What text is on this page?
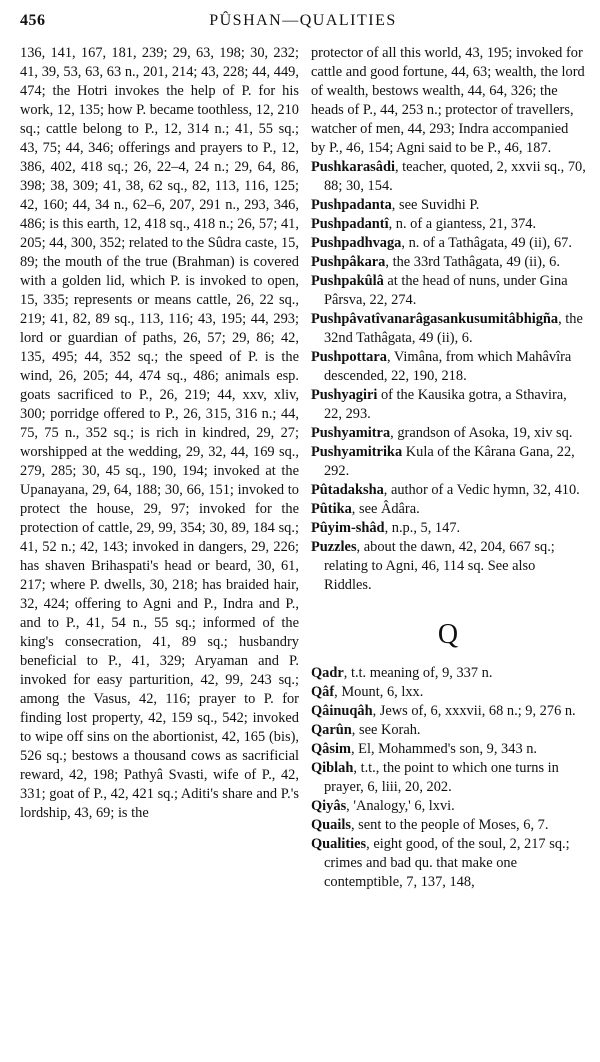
456	PÛSHAN—QUALITIES

136, 141, 167, 181, 239; 29, 63, 198; 30, 232; 41, 39, 53, 63, 63 n., 201, 214; 43, 228; 44, 449, 474; the Hotri invokes the help of P. for his work, 12, 135; how P. became toothless, 12, 210 sq.; cattle belong to P., 12, 314 n.; 41, 55 sq.; 43, 75; 44, 346; offerings and prayers to P., 12, 386, 402, 418 sq.; 26, 22–4, 24 n.; 29, 64, 86, 398; 38, 309; 41, 38, 62 sq., 82, 113, 116, 125; 42, 160; 44, 34 n., 62–6, 207, 291 n., 293, 346, 486; is this earth, 12, 418 sq., 418 n.; 26, 57; 41, 205; 44, 300, 352; related to the Sûdra caste, 15, 89; the mouth of the true (Brahman) is covered with a golden lid, which P. is invoked to open, 15, 335; represents or means cattle, 26, 22 sq., 219; 41, 82, 89 sq., 113, 116; 43, 195; 44, 293; lord or guardian of paths, 26, 57; 29, 86; 42, 135, 495; 44, 352 sq.; the speed of P. is the wind, 26, 205; 44, 474 sq., 486; animals esp. goats sacrificed to P., 26, 219; 44, xxv, xliv, 300; porridge offered to P., 26, 315, 316 n.; 44, 75, 75 n., 352 sq.; is rich in kindred, 29, 27; worshipped at the wedding, 29, 32, 44, 169 sq., 279, 285; 30, 45 sq., 190, 194; invoked at the Upanayana, 29, 64, 188; 30, 66, 151; invoked to protect the house, 29, 97; invoked for the protection of cattle, 29, 99, 354; 30, 89, 184 sq.; 41, 52 n.; 42, 143; invoked in dangers, 29, 226; has shaven Brihaspati's head or beard, 30, 61, 217; where P. dwells, 30, 218; has braided hair, 32, 424; offering to Agni and P., Indra and P., and to P., 41, 54 n., 55 sq.; informed of the king's consecration, 41, 89 sq.; husbandry beneficial to P., 41, 329; Aryaman and P. invoked for easy parturition, 42, 99, 243 sq.; among the Vasus, 42, 116; prayer to P. for finding lost property, 42, 159 sq., 542; invoked to wipe off sins on the abortionist, 42, 165 (bis), 526 sq.; bestows a thousand cows as sacrificial reward, 42, 198; Pathyâ Svasti, wife of P., 42, 331; goat of P., 42, 421 sq.; Aditi's share and P.'s lordship, 43, 69; is the

protector of all this world, 43, 195; invoked for cattle and good fortune, 44, 63; wealth, the lord of wealth, bestows wealth, 44, 64, 326; the heads of P., 44, 253 n.; protector of travellers, watcher of men, 44, 293; Indra accompanied by P., 46, 154; Agni said to be P., 46, 187.

Pushkarasâdi, teacher, quoted, 2, xxvii sq., 70, 88; 30, 154.

Pushpadanta, see Suvidhi P.

Pushpadantî, n. of a giantess, 21, 374.

Pushpadhvaga, n. of a Tathâgata, 49 (ii), 67.

Pushpâkara, the 33rd Tathâgata, 49 (ii), 6.

Pushpakûlâ at the head of nuns, under Gina Pârsva, 22, 274.

Pushpâvatîvanarâgasankusumitâbhigña, the 32nd Tathâgata, 49 (ii), 6.

Pushpottara, Vimâna, from which Mahâvîra descended, 22, 190, 218.

Pushyagiri of the Kausika gotra, a Sthavira, 22, 293.

Pushyamitra, grandson of Asoka, 19, xiv sq.

Pushyamitrika Kula of the Kârana Gana, 22, 292.

Pûtadaksha, author of a Vedic hymn, 32, 410.

Pûtika, see Âdâra.

Pûyim-shâd, n.p., 5, 147.

Puzzles, about the dawn, 42, 204, 667 sq.; relating to Agni, 46, 114 sq. See also Riddles.

Q

Qadr, t.t. meaning of, 9, 337 n.

Qâf, Mount, 6, lxx.

Qâinuqâh, Jews of, 6, xxxvii, 68 n.; 9, 276 n.

Qarûn, see Korah.

Qâsim, El, Mohammed's son, 9, 343 n.

Qiblah, t.t., the point to which one turns in prayer, 6, liii, 20, 202.

Qiyâs, 'Analogy,' 6, lxvi.

Quails, sent to the people of Moses, 6, 7.

Qualities, eight good, of the soul, 2, 217 sq.; crimes and bad qu. that make one contemptible, 7, 137, 148,
